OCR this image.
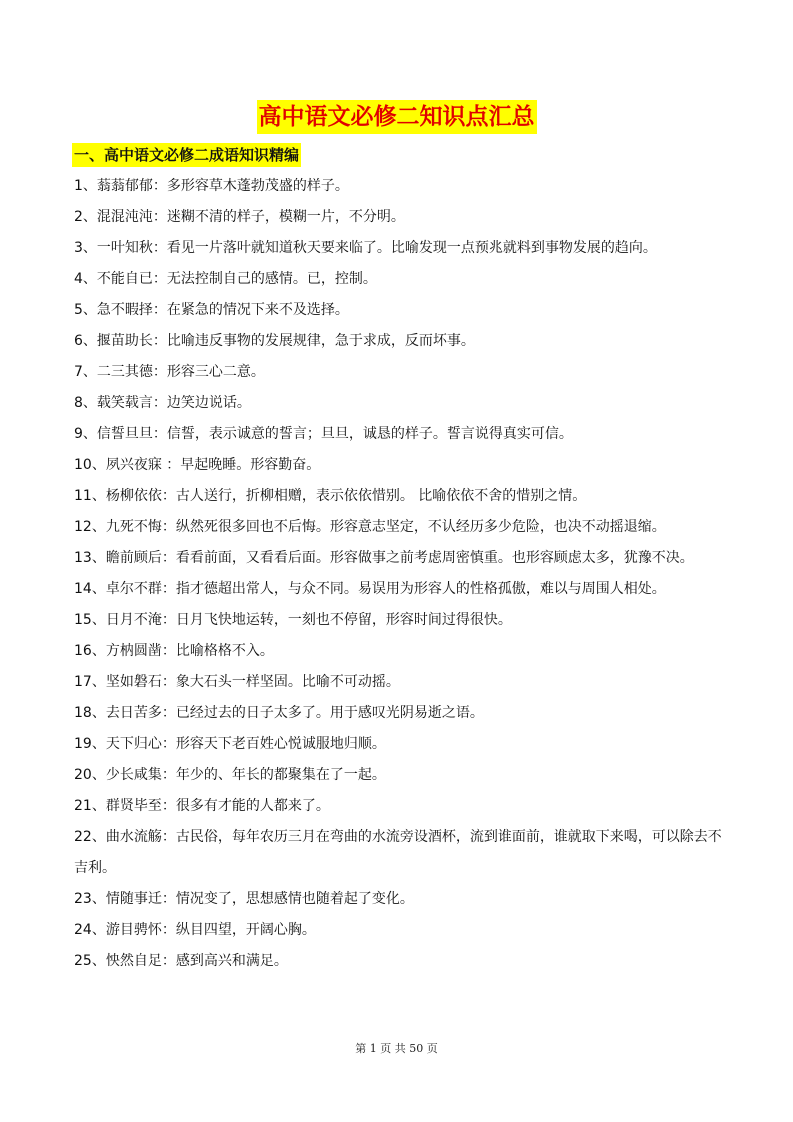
高中语文必修二知识点汇总
一、高中语文必修二成语知识精编

1、蓊蓊郁郁：多形容草木蓬勃茂盛的样子。

2、混混沌沌：迷糊不清的样子，模糊一片，不分明。

3、一叶知秋：看见一片落叶就知道秋天要来临了。比喻发现一点预兆就料到事物发展的趋向。

4、不能自已：无法控制自己的感情。已，控制。

5、急不暇择：在紧急的情况下来不及选择。

6、揠苗助长：比喻违反事物的发展规律，急于求成，反而坏事。

7、二三其德：形容三心二意。

8、载笑载言：边笑边说话。

9、信誓旦旦：信誓，表示诚意的誓言；旦旦，诚恳的样子。誓言说得真实可信。

10、夙兴夜寐 ：早起晚睡。形容勤奋。

11、杨柳依依：古人送行，折柳相赠，表示依依惜别。 比喻依依不舍的惜别之情。

12、九死不悔：纵然死很多回也不后悔。形容意志坚定，不认经历多少危险，也决不动摇退缩。

13、瞻前顾后：看看前面，又看看后面。形容做事之前考虑周密慎重。也形容顾虑太多，犹豫不决。

14、卓尔不群：指才德超出常人，与众不同。易误用为形容人的性格孤傲，难以与周围人相处。

15、日月不淹：日月飞快地运转，一刻也不停留，形容时间过得很快。

16、方枘圆凿：比喻格格不入。

17、坚如磐石：象大石头一样坚固。比喻不可动摇。

18、去日苦多：已经过去的日子太多了。用于感叹光阴易逝之语。

19、天下归心：形容天下老百姓心悦诚服地归顺。

20、少长咸集：年少的、年长的都聚集在了一起。

21、群贤毕至：很多有才能的人都来了。

22、曲水流觞：古民俗，每年农历三月在弯曲的水流旁设酒杯，流到谁面前，谁就取下来喝，可以除去不吉利。

23、情随事迁：情况变了，思想感情也随着起了变化。

24、游目骋怀：纵目四望，开阔心胸。

25、怏然自足：感到高兴和满足。

第 1 页 共 50 页
